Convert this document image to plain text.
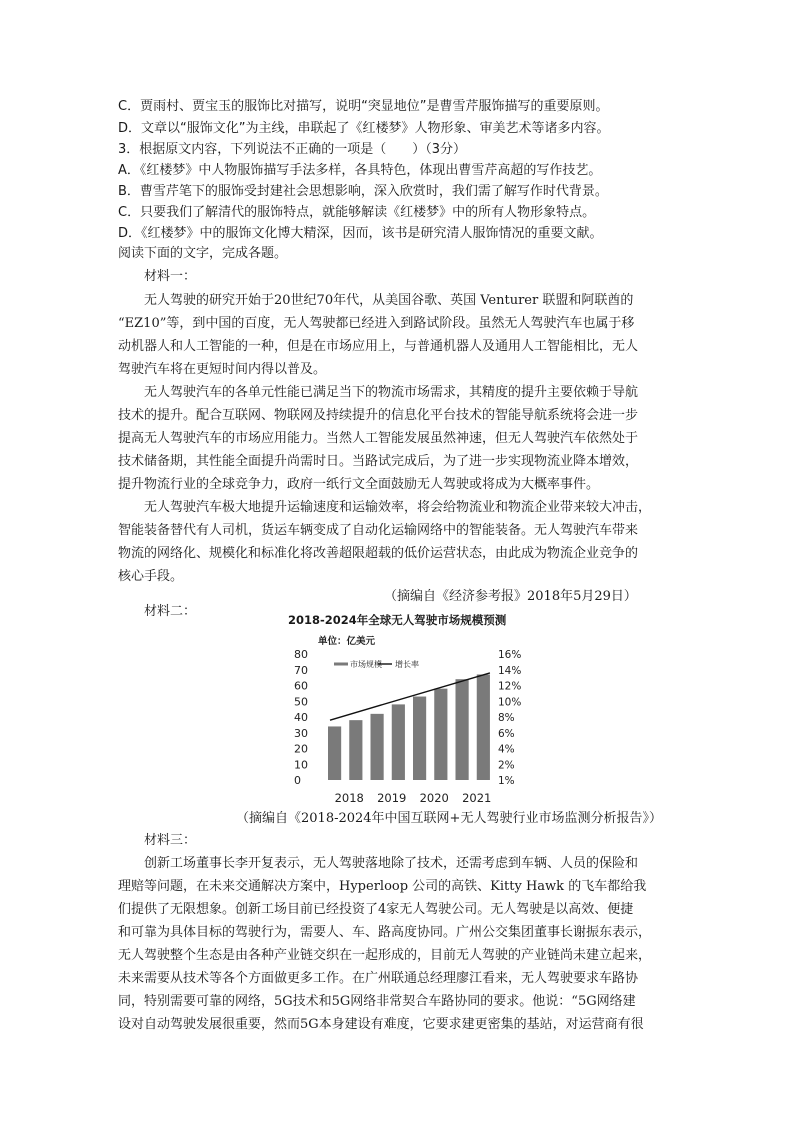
C．贾雨村、贾宝玉的服饰比对描写，说明“突显地位”是曹雪芹服饰描写的重要原则。
D．文章以“服饰文化”为主线，串联起了《红楼梦》人物形象、审美艺术等诸多内容。
3．根据原文内容，下列说法不正确的一项是（　　）（3分）
A．《红楼梦》中人物服饰描写手法多样，各具特色，体现出曹雪芹高超的写作技艺。
B．曹雪芹笔下的服饰受封建社会思想影响，深入欣赏时，我们需了解写作时代背景。
C．只要我们了解清代的服饰特点，就能够解读《红楼梦》中的所有人物形象特点。
D．《红楼梦》中的服饰文化博大精深，因而，该书是研究清人服饰情况的重要文献。
阅读下面的文字，完成各题。
材料一：
无人驾驶的研究开始于20世纪70年代，从美国谷歌、英国 Venturer 联盟和阿联酋的
“EZ10”等，到中国的百度，无人驾驶都已经进入到路试阶段。虽然无人驾驶汽车也属于移
动机器人和人工智能的一种，但是在市场应用上，与普通机器人及通用人工智能相比，无人
驾驶汽车将在更短时间内得以普及。
无人驾驶汽车的各单元性能已满足当下的物流市场需求，其精度的提升主要依赖于导航
技术的提升。配合互联网、物联网及持续提升的信息化平台技术的智能导航系统将会进一步
提高无人驾驶汽车的市场应用能力。当然人工智能发展虽然神速，但无人驾驶汽车依然处于
技术储备期，其性能全面提升尚需时日。当路试完成后，为了进一步实现物流业降本增效，
提升物流行业的全球竞争力，政府一纸行文全面鼓励无人驾驶或将成为大概率事件。
无人驾驶汽车极大地提升运输速度和运输效率，将会给物流业和物流企业带来较大冲击，
智能装备替代有人司机，货运车辆变成了自动化运输网络中的智能装备。无人驾驶汽车带来
物流的网络化、规模化和标准化将改善超限超载的低价运营状态，由此成为物流企业竞争的
核心手段。
（摘编自《经济参考报》2018年5月29日）
材料二：
2018-2024年全球无人驾驶市场规模预测
单位：亿美元
80
70
60
50
40
30
20
10
0
16%
14%
12%
10%
8%
6%
4%
2%
1%
市场规模 增长率
2018 2019 2020 2021
（摘编自《2018-2024年中国互联网+无人驾驶行业市场监测分析报告》）
材料三：
创新工场董事长李开复表示，无人驾驶落地除了技术，还需考虑到车辆、人员的保险和
理赔等问题，在未来交通解决方案中，Hyperloop 公司的高铁、Kitty Hawk 的飞车都给我
们提供了无限想象。创新工场目前已经投资了4家无人驾驶公司。无人驾驶是以高效、便捷
和可靠为具体目标的驾驶行为，需要人、车、路高度协同。广州公交集团董事长谢振东表示，
无人驾驶整个生态是由各种产业链交织在一起形成的，目前无人驾驶的产业链尚未建立起来，
未来需要从技术等各个方面做更多工作。在广州联通总经理廖江看来，无人驾驶要求车路协
同，特别需要可靠的网络，5G技术和5G网络非常契合车路协同的要求。他说：“5G网络建
设对自动驾驶发展很重要，然而5G本身建设有难度，它要求建更密集的基站，对运营商有很
